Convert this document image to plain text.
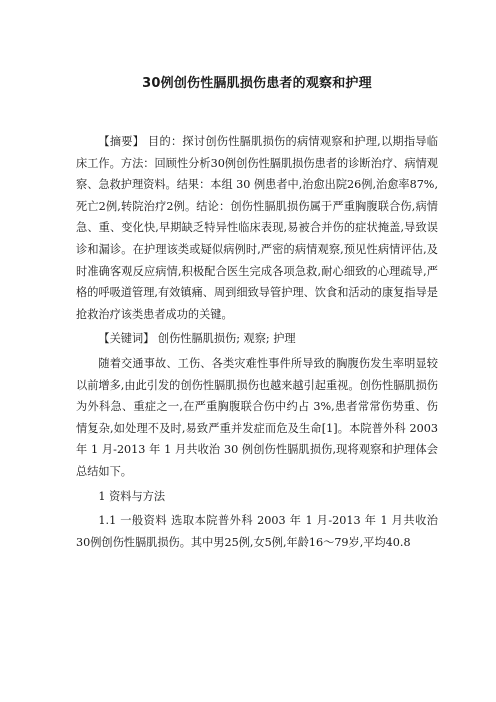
30例创伤性膈肌损伤患者的观察和护理

【摘要】 目的：探讨创伤性膈肌损伤的病情观察和护理,以期指导临床工作。方法：回顾性分析30例创伤性膈肌损伤患者的诊断治疗、病情观察、急救护理资料。结果：本组 30 例患者中,治愈出院26例,治愈率87%,死亡2例,转院治疗2例。结论：创伤性膈肌损伤属于严重胸腹联合伤,病情急、重、变化快,早期缺乏特异性临床表现,易被合并伤的症状掩盖,导致误诊和漏诊。在护理该类或疑似病例时,严密的病情观察,预见性病情评估,及时准确客观反应病情,积极配合医生完成各项急救,耐心细致的心理疏导,严格的呼吸道管理,有效镇痛、周到细致导管护理、饮食和活动的康复指导是抢救治疗该类患者成功的关键。

【关键词】 创伤性膈肌损伤; 观察; 护理

随着交通事故、工伤、各类灾难性事件所导致的胸腹伤发生率明显较以前增多,由此引发的创伤性膈肌损伤也越来越引起重视。创伤性膈肌损伤为外科急、重症之一,在严重胸腹联合伤中约占 3%,患者常常伤势重、伤情复杂,如处理不及时,易致严重并发症而危及生命[1]。本院普外科 2003 年 1 月-2013 年 1 月共收治 30 例创伤性膈肌损伤,现将观察和护理体会总结如下。

1 资料与方法

1.1 一般资料 选取本院普外科 2003 年 1 月-2013 年 1 月共收治30例创伤性膈肌损伤。其中男25例,女5例,年龄16～79岁,平均40.8
